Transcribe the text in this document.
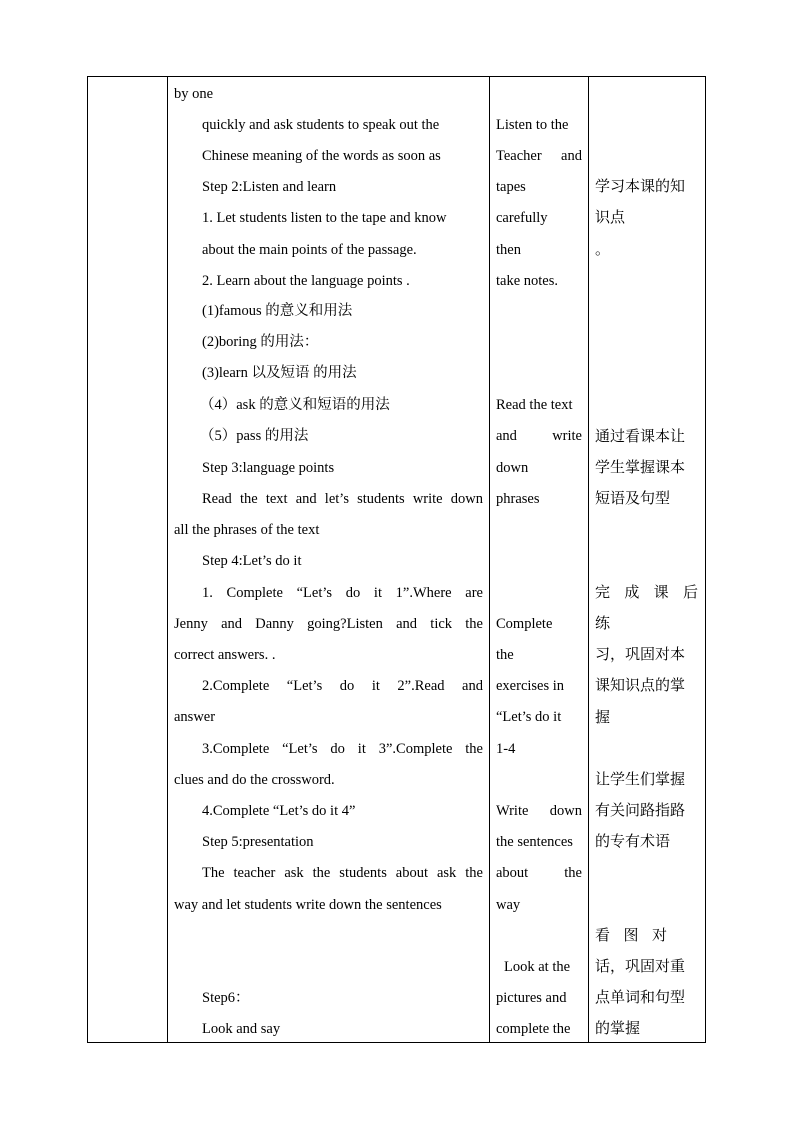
by one
quickly and ask students to speak out the
Chinese meaning of the words as soon as
Step 2:Listen and learn
1. Let students listen to the tape and know
about the main points of the passage.
2. Learn about the language points .
(1)famous 的意义和用法
(2)boring 的用法：
(3)learn 以及短语 的用法
（4）ask 的意义和短语的用法
（5）pass 的用法
Step 3:language points
Read the text and let’s students write down
all the phrases of the text
Step 4:Let’s do it
1. Complete “Let’s do it 1”.Where are
Jenny and Danny going?Listen and tick the
correct answers. .
2.Complete “Let’s do it 2”.Read and
answer
3.Complete “Let’s do it 3”.Complete the
clues and do the crossword.
4.Complete “Let’s do it 4”
Step 5:presentation
The teacher ask the students about ask the
way and let students write down the sentences
Step6：
Look and say
Listen to the
Teacher and
tapes
carefully
then
take notes.
Read the text
and write
down
phrases
Complete
the
exercises in
“Let’s do it
1-4
Write down
the sentences
about the
way
Look at the
pictures and
complete the
学习本课的知
识点
。
通过看课本让
学生掌握课本
短语及句型
完 成 课 后
练
习，巩固对本
课知识点的掌
握
让学生们掌握
有关问路指路
的专有术语
看 图 对
话，巩固对重
点单词和句型
的掌握
